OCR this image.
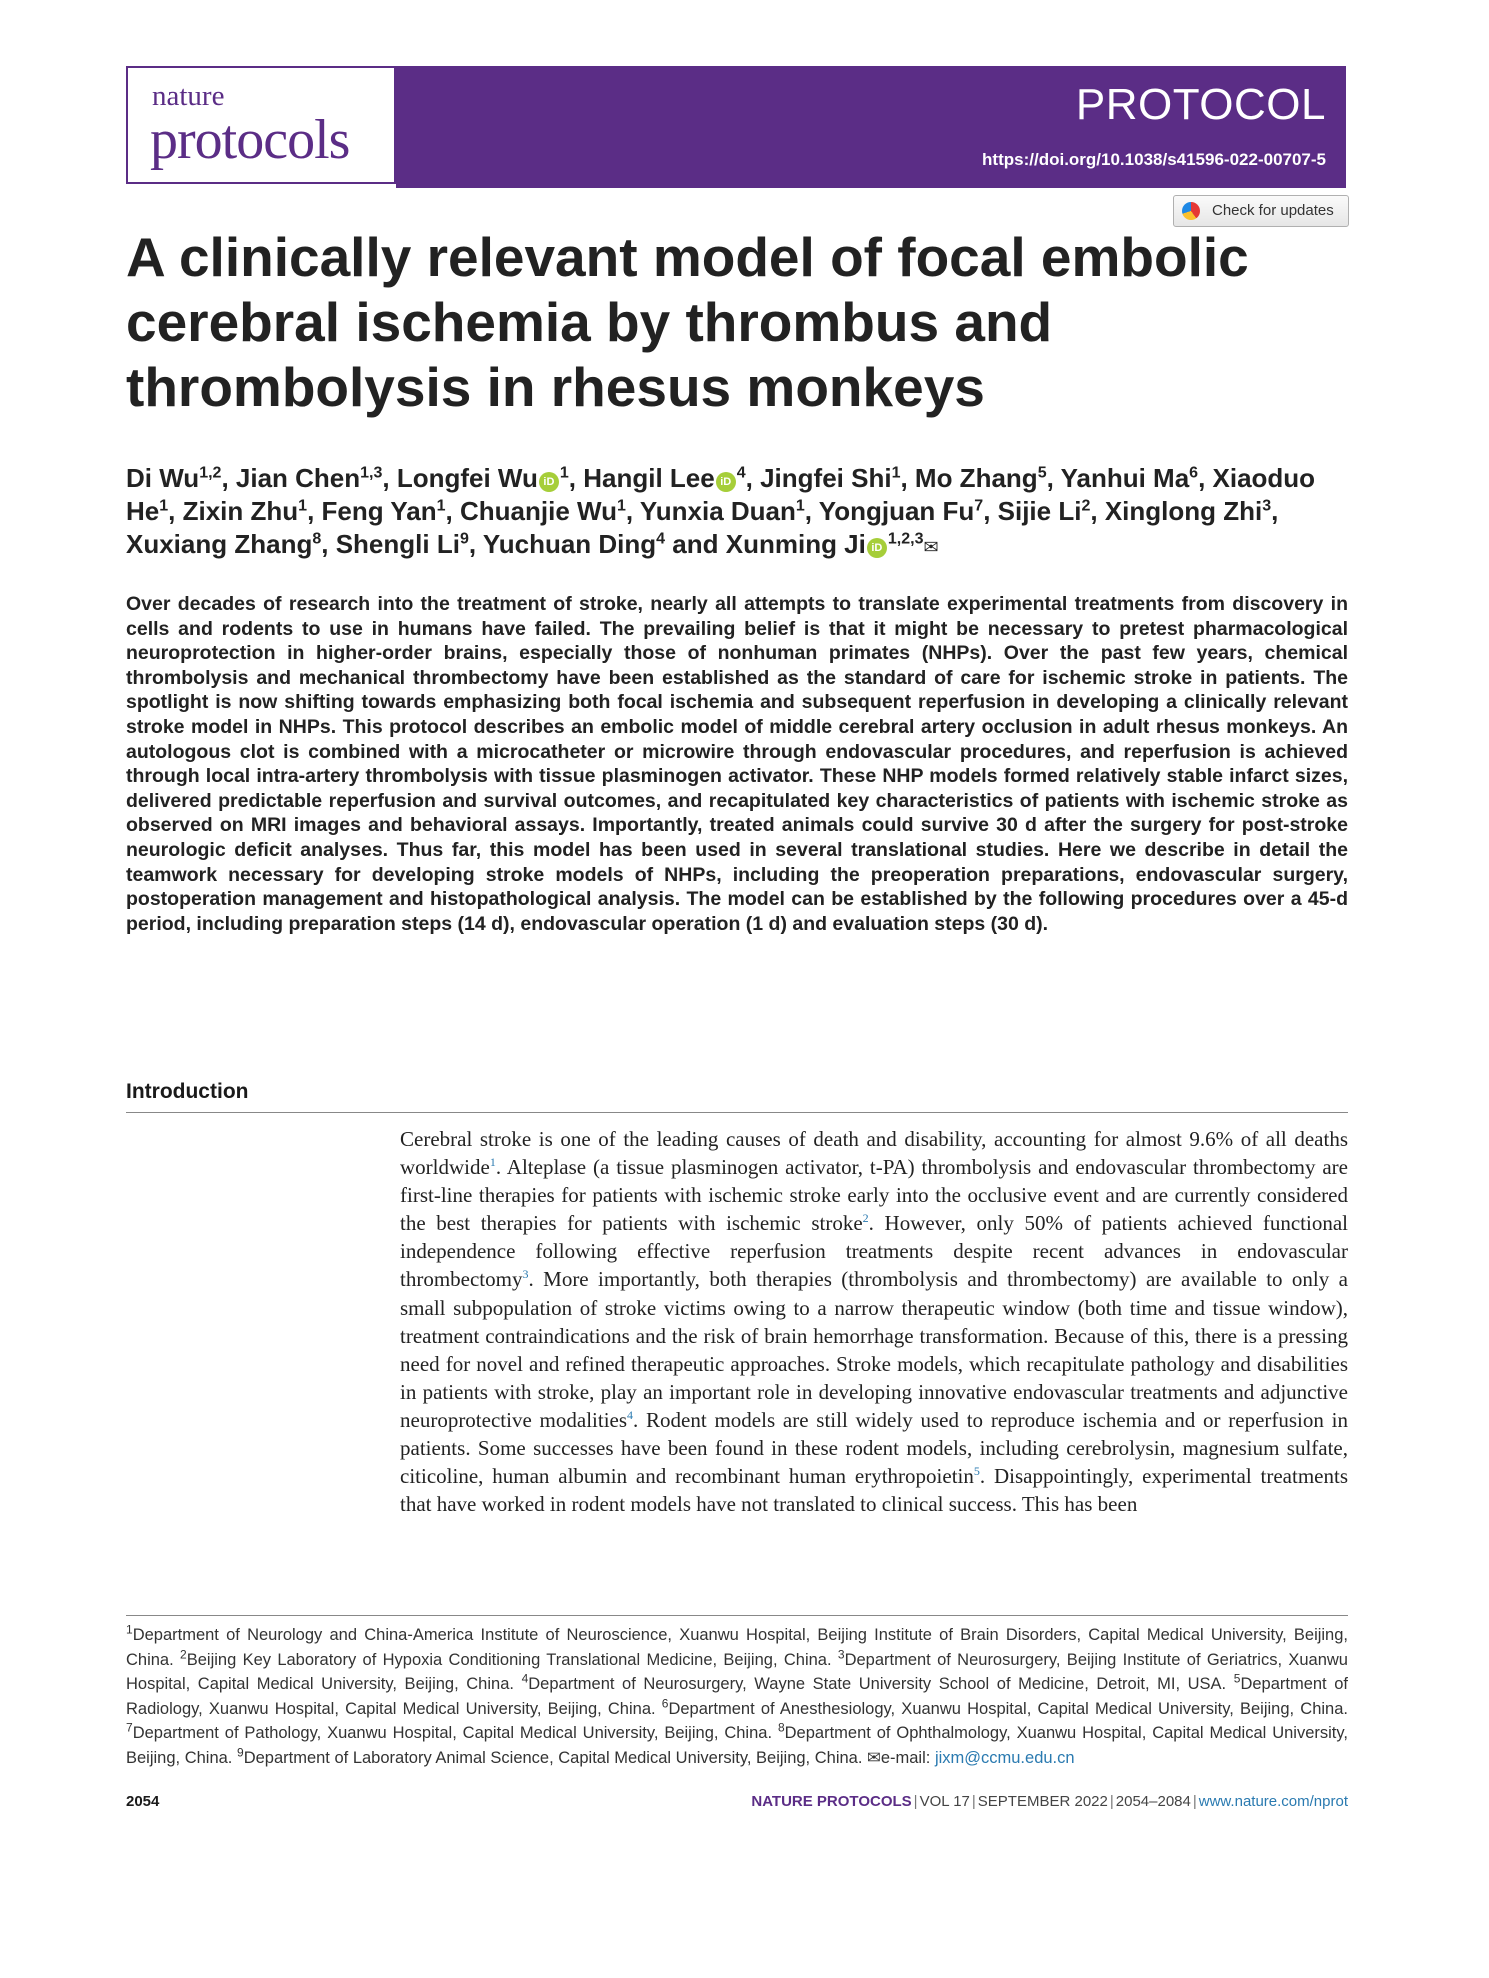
nature
protocols
PROTOCOL
https://doi.org/10.1038/s41596-022-00707-5
Check for updates
A clinically relevant model of focal embolic cerebral ischemia by thrombus and thrombolysis in rhesus monkeys

Di Wu$^{1,2}$, Jian Chen$^{1,3}$, Longfei Wu $iD^1$, Hangil Lee $iD^4$, Jingfei Shi$^1$, Mo Zhang$^5$, Yanhui Ma$^6$, Xiaoduo He$^1$, Zixin Zhu$^1$, Feng Yan$^1$, Chuanjie Wu$^1$, Yunxia Duan$^1$, Yongjuan Fu$^7$, Sijie Li$^2$, Xinglong Zhi$^3$, Xuxiang Zhang$^8$, Shengli Li$^9$, Yuchuan Ding$^4$ and Xunming Ji iD$^{1,2,3}$✉

Over decades of research into the treatment of stroke, nearly all attempts to translate experimental treatments from discovery in cells and rodents to use in humans have failed. The prevailing belief is that it might be necessary to pretest pharmacological neuroprotection in higher-order brains, especially those of nonhuman primates (NHPs). Over the past few years, chemical thrombolysis and mechanical thrombectomy have been established as the standard of care for ischemic stroke in patients. The spotlight is now shifting towards emphasizing both focal ischemia and subsequent reperfusion in developing a clinically relevant stroke model in NHPs. This protocol describes an embolic model of middle cerebral artery occlusion in adult rhesus monkeys. An autologous clot is combined with a microcatheter or microwire through endovascular procedures, and reperfusion is achieved through local intra-artery thrombolysis with tissue plasminogen activator. These NHP models formed relatively stable infarct sizes, delivered predictable reperfusion and survival outcomes, and recapitulated key characteristics of patients with ischemic stroke as observed on MRI images and behavioral assays. Importantly, treated animals could survive 30 d after the surgery for post-stroke neurologic deficit analyses. Thus far, this model has been used in several translational studies. Here we describe in detail the teamwork necessary for developing stroke models of NHPs, including the preoperation preparations, endovascular surgery, postoperation management and histopathological analysis. The model can be established by the following procedures over a 45-d period, including preparation steps (14 d), endovascular operation (1 d) and evaluation steps (30 d).

Introduction

Cerebral stroke is one of the leading causes of death and disability, accounting for almost 9.6% of all deaths worldwide$^1$. Alteplase (a tissue plasminogen activator, t-PA) thrombolysis and endovascular thrombectomy are first-line therapies for patients with ischemic stroke early into the occlusive event and are currently considered the best therapies for patients with ischemic stroke$^2$. However, only 50% of patients achieved functional independence following effective reperfusion treatments despite recent advances in endovascular thrombectomy$^3$. More importantly, both therapies (thrombolysis and thrombectomy) are available to only a small subpopulation of stroke victims owing to a narrow therapeutic window (both time and tissue window), treatment contraindications and the risk of brain hemorrhage transformation. Because of this, there is a pressing need for novel and refined therapeutic approaches. Stroke models, which recapitulate pathology and disabilities in patients with stroke, play an important role in developing innovative endovascular treatments and adjunctive neuroprotective modalities$^4$. Rodent models are still widely used to reproduce ischemia and or reperfusion in patients. Some successes have been found in these rodent models, including cerebrolysin, magnesium sulfate, citicoline, human albumin and recombinant human erythropoietin$^5$. Disappointingly, experimental treatments that have worked in rodent models have not translated to clinical success. This has been

$^1$Department of Neurology and China-America Institute of Neuroscience, Xuanwu Hospital, Beijing Institute of Brain Disorders, Capital Medical University, Beijing, China. $^2$Beijing Key Laboratory of Hypoxia Conditioning Translational Medicine, Beijing, China. $^3$Department of Neurosurgery, Beijing Institute of Geriatrics, Xuanwu Hospital, Capital Medical University, Beijing, China. $^4$Department of Neurosurgery, Wayne State University School of Medicine, Detroit, MI, USA. $^5$Department of Radiology, Xuanwu Hospital, Capital Medical University, Beijing, China. $^6$Department of Anesthesiology, Xuanwu Hospital, Capital Medical University, Beijing, China. $^7$Department of Pathology, Xuanwu Hospital, Capital Medical University, Beijing, China. $^8$Department of Ophthalmology, Xuanwu Hospital, Capital Medical University, Beijing, China. $^9$Department of Laboratory Animal Science, Capital Medical University, Beijing, China. ✉e-mail: jixm@ccmu.edu.cn

2054	NATURE PROTOCOLS | VOL 17 | SEPTEMBER 2022 | 2054–2084 | www.nature.com/nprot
